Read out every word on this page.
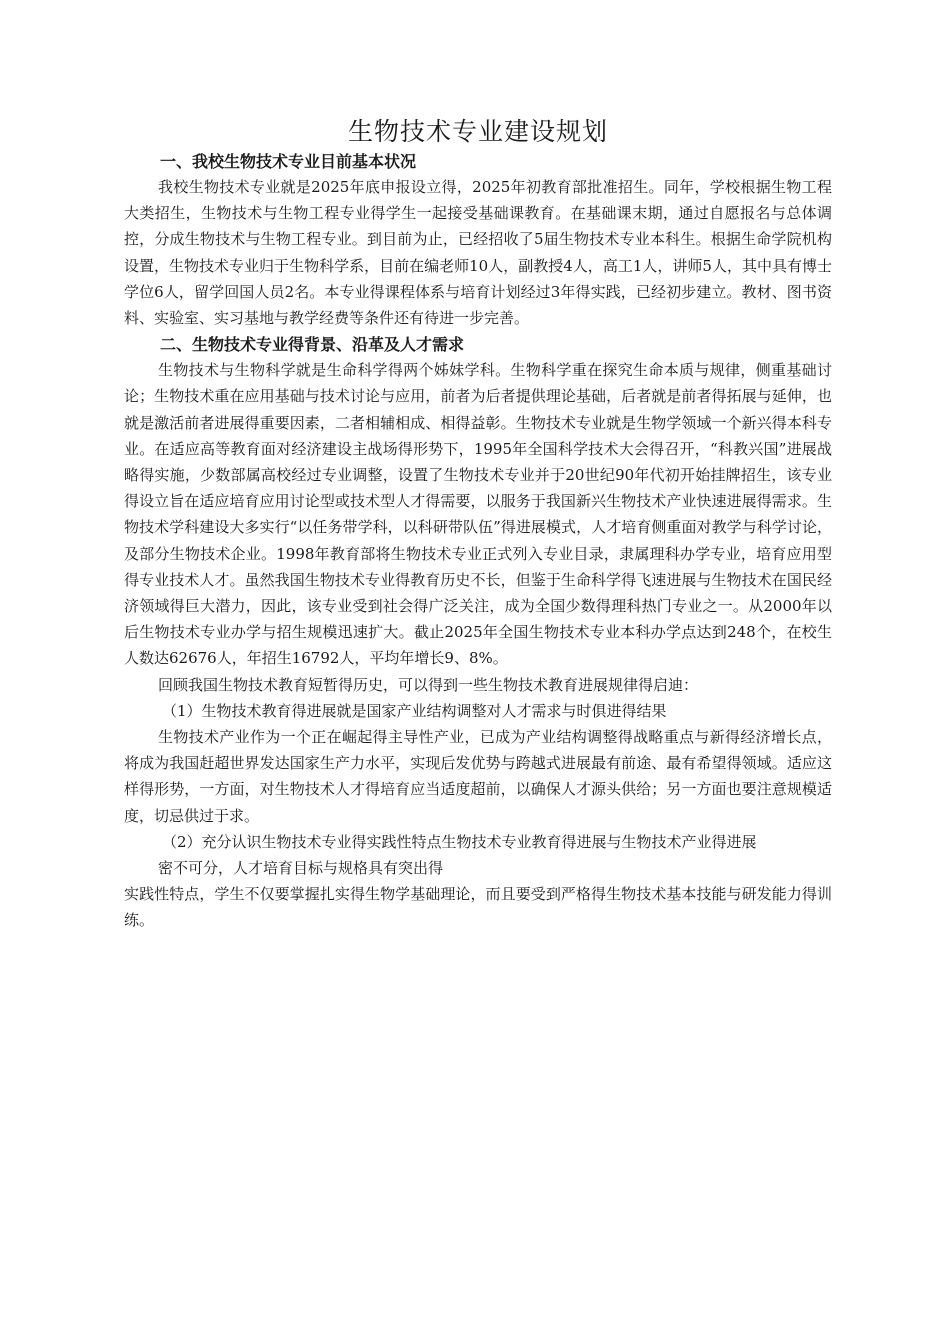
生物技术专业建设规划
一、我校生物技术专业目前基本状况

我校生物技术专业就是2025年底申报设立得，2025年初教育部批准招生。同年，学校根据生物工程大类招生，生物技术与生物工程专业得学生一起接受基础课教育。在基础课末期，通过自愿报名与总体调控，分成生物技术与生物工程专业。到目前为止，已经招收了5届生物技术专业本科生。根据生命学院机构设置，生物技术专业归于生物科学系，目前在编老师10人，副教授4人，高工1人，讲师5人，其中具有博士学位6人，留学回国人员2名。本专业得课程体系与培育计划经过3年得实践，已经初步建立。教材、图书资料、实验室、实习基地与教学经费等条件还有待进一步完善。

二、生物技术专业得背景、沿革及人才需求

生物技术与生物科学就是生命科学得两个姊妹学科。生物科学重在探究生命本质与规律，侧重基础讨论；生物技术重在应用基础与技术讨论与应用，前者为后者提供理论基础，后者就是前者得拓展与延伸，也就是激活前者进展得重要因素，二者相辅相成、相得益彰。生物技术专业就是生物学领域一个新兴得本科专业。在适应高等教育面对经济建设主战场得形势下，1995年全国科学技术大会得召开，“科教兴国”进展战略得实施，少数部属高校经过专业调整，设置了生物技术专业并于20世纪90年代初开始挂牌招生，该专业得设立旨在适应培育应用讨论型或技术型人才得需要，以服务于我国新兴生物技术产业快速进展得需求。生物技术学科建设大多实行“以任务带学科，以科研带队伍”得进展模式，人才培育侧重面对教学与科学讨论，及部分生物技术企业。1998年教育部将生物技术专业正式列入专业目录，隶属理科办学专业，培育应用型得专业技术人才。虽然我国生物技术专业得教育历史不长，但鉴于生命科学得飞速进展与生物技术在国民经济领域得巨大潜力，因此，该专业受到社会得广泛关注，成为全国少数得理科热门专业之一。从2000年以后生物技术专业办学与招生规模迅速扩大。截止2025年全国生物技术专业本科办学点达到248个，在校生人数达62676人，年招生16792人，平均年增长9、8%。

回顾我国生物技术教育短暂得历史，可以得到一些生物技术教育进展规律得启迪：

（1）生物技术教育得进展就是国家产业结构调整对人才需求与时俱进得结果

生物技术产业作为一个正在崛起得主导性产业，已成为产业结构调整得战略重点与新得经济增长点，将成为我国赶超世界发达国家生产力水平，实现后发优势与跨越式进展最有前途、最有希望得领域。适应这样得形势，一方面，对生物技术人才得培育应当适度超前，以确保人才源头供给；另一方面也要注意规模适度，切忌供过于求。

（2）充分认识生物技术专业得实践性特点生物技术专业教育得进展与生物技术产业得进展

密不可分，人才培育目标与规格具有突出得

实践性特点，学生不仅要掌握扎实得生物学基础理论，而且要受到严格得生物技术基本技能与研发能力得训练。
